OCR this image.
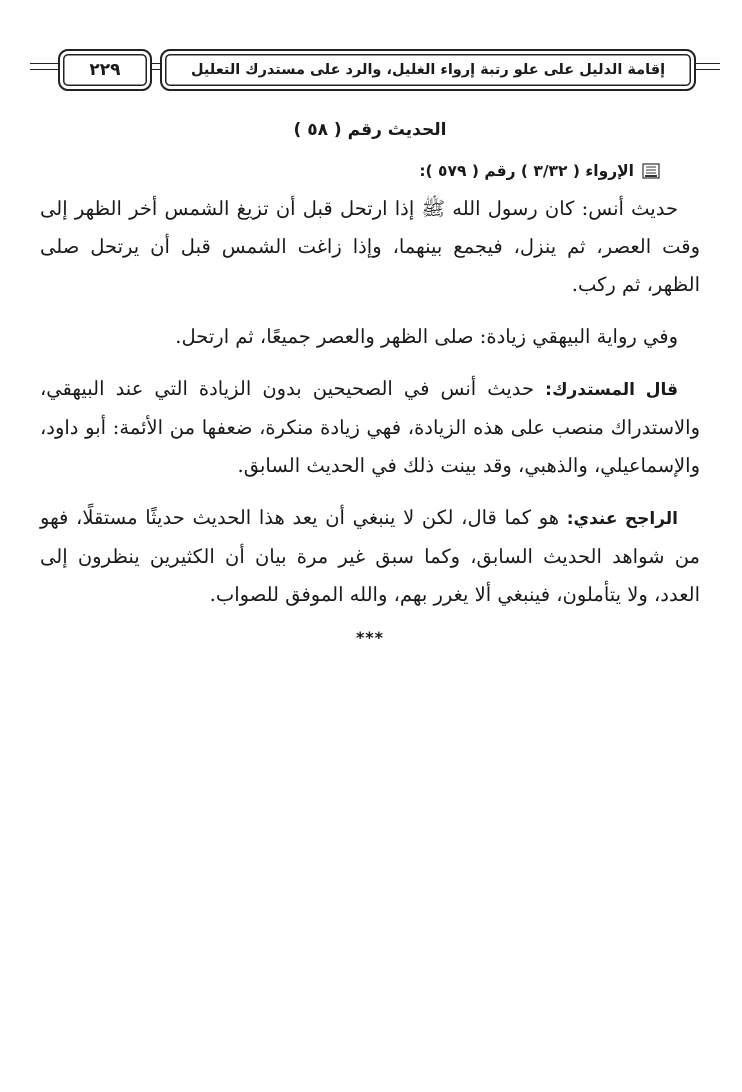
٢٢٩	إقامة الدليل على علو رتبة إرواء الغليل، والرد على مستدرك التعليل
الحديث رقم ( ٥٨ )
الإرواء ( ٣/٣٢ ) رقم ( ٥٧٩ ):

حديث أنس: كان رسول الله ﷺ إذا ارتحل قبل أن تزيغ الشمس أخر الظهر إلى وقت العصر، ثم ينزل، فيجمع بينهما، وإذا زاغت الشمس قبل أن يرتحل صلى الظهر، ثم ركب.

وفي رواية البيهقي زيادة: صلى الظهر والعصر جميعًا، ثم ارتحل.

قال المستدرك: حديث أنس في الصحيحين بدون الزيادة التي عند البيهقي، والاستدراك منصب على هذه الزيادة، فهي زيادة منكرة، ضعفها من الأئمة: أبو داود، والإسماعيلي، والذهبي، وقد بينت ذلك في الحديث السابق.

الراجح عندي: هو كما قال، لكن لا ينبغي أن يعد هذا الحديث حديثًا مستقلًا، فهو من شواهد الحديث السابق، وكما سبق غير مرة بيان أن الكثيرين ينظرون إلى العدد، ولا يتأملون، فينبغي ألا يغرر بهم، والله الموفق للصواب.

***
